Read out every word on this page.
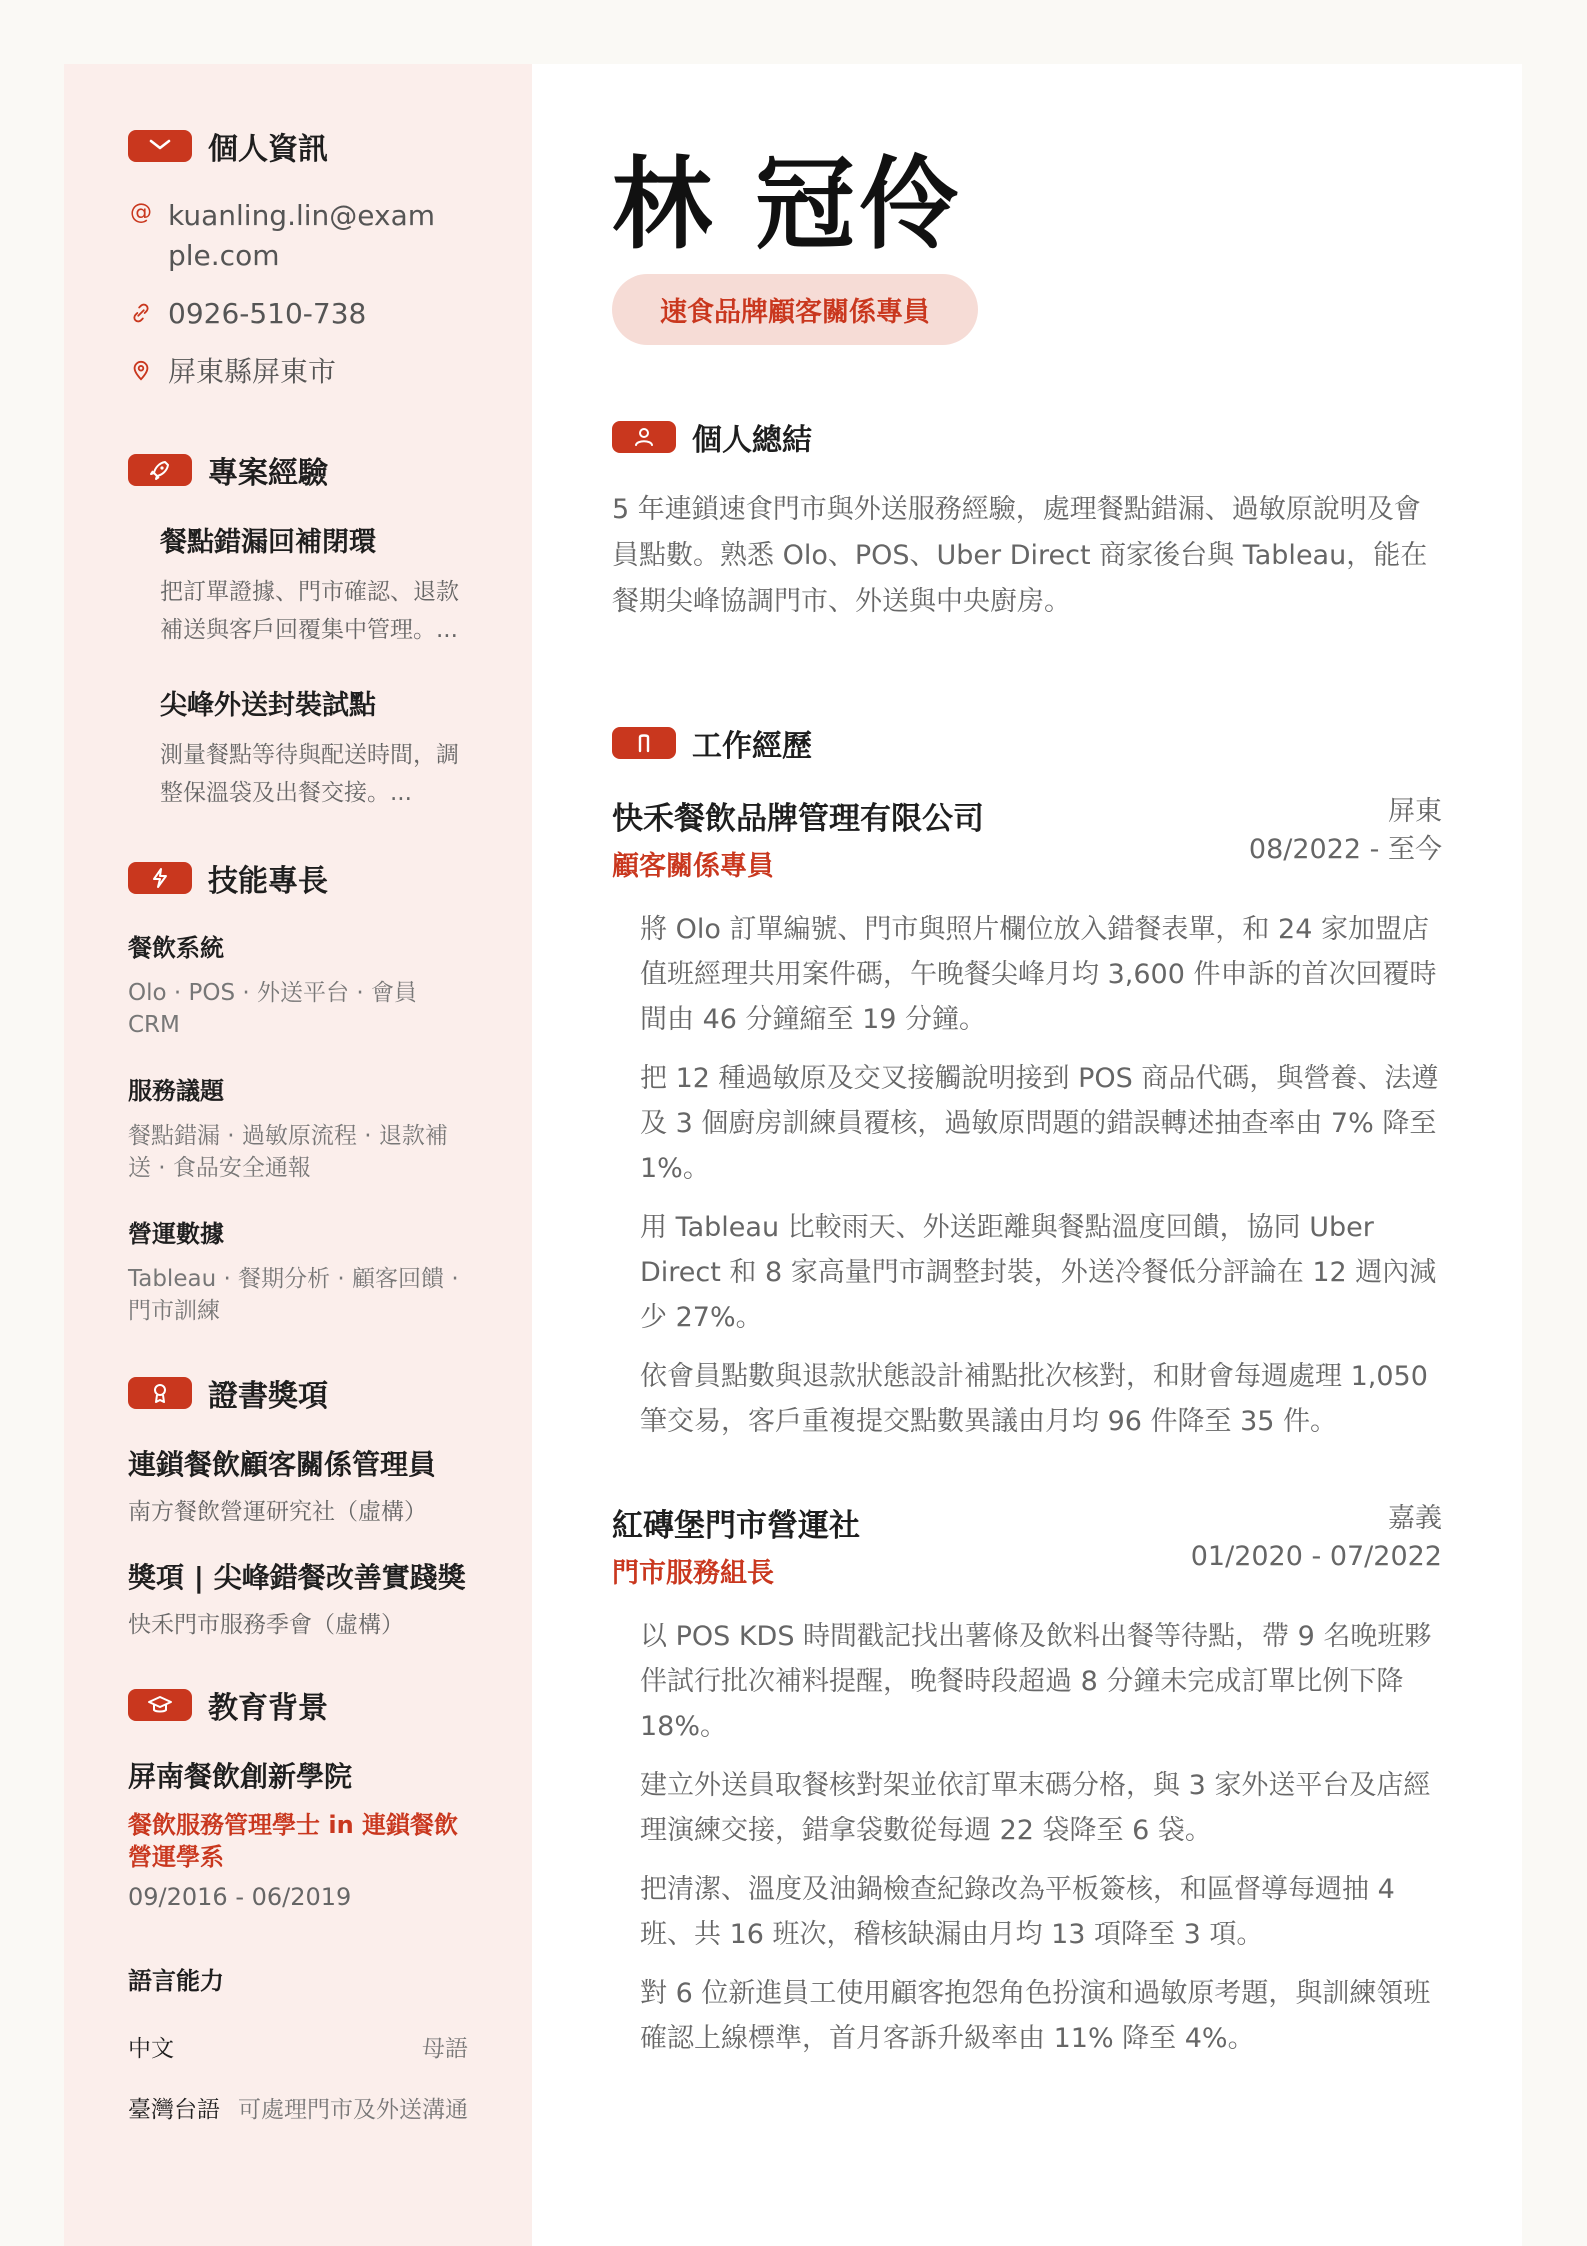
個人資訊
@ kuanling.lin@example.com
0926-510-738
屏東縣屏東市
專案經驗
餐點錯漏回補閉環
把訂單證據、門市確認、退款補送與客戶回覆集中管理。...
尖峰外送封裝試點
測量餐點等待與配送時間，調整保溫袋及出餐交接。...
技能專長
餐飲系統
Olo · POS · 外送平台 · 會員 CRM
服務議題
餐點錯漏 · 過敏原流程 · 退款補送 · 食品安全通報
營運數據
Tableau · 餐期分析 · 顧客回饋 · 門市訓練
證書獎項
連鎖餐飲顧客關係管理員
南方餐飲營運研究社（虛構）
獎項 | 尖峰錯餐改善實踐獎
快禾門市服務季會（虛構）
教育背景
屏南餐飲創新學院
餐飲服務管理學士 in 連鎖餐飲營運學系
09/2016 - 06/2019
語言能力
中文	母語
臺灣台語 可處理門市及外送溝通
林 冠伶
速食品牌顧客關係專員
個人總結
5 年連鎖速食門市與外送服務經驗，處理餐點錯漏、過敏原說明及會員點數。熟悉 Olo、POS、Uber Direct 商家後台與 Tableau，能在餐期尖峰協調門市、外送與中央廚房。
工作經歷
快禾餐飲品牌管理有限公司
顧客關係專員
屏東
08/2022 - 至今
將 Olo 訂單編號、門市與照片欄位放入錯餐表單，和 24 家加盟店值班經理共用案件碼，午晚餐尖峰月均 3,600 件申訴的首次回覆時間由 46 分鐘縮至 19 分鐘。
把 12 種過敏原及交叉接觸說明接到 POS 商品代碼，與營養、法遵及 3 個廚房訓練員覆核，過敏原問題的錯誤轉述抽查率由 7% 降至 1%。
用 Tableau 比較雨天、外送距離與餐點溫度回饋，協同 Uber Direct 和 8 家高量門市調整封裝，外送冷餐低分評論在 12 週內減少 27%。
依會員點數與退款狀態設計補點批次核對，和財會每週處理 1,050 筆交易，客戶重複提交點數異議由月均 96 件降至 35 件。
紅磚堡門市營運社
門市服務組長
嘉義
01/2020 - 07/2022
以 POS KDS 時間戳記找出薯條及飲料出餐等待點，帶 9 名晚班夥伴試行批次補料提醒，晚餐時段超過 8 分鐘未完成訂單比例下降 18%。
建立外送員取餐核對架並依訂單末碼分格，與 3 家外送平台及店經理演練交接，錯拿袋數從每週 22 袋降至 6 袋。
把清潔、溫度及油鍋檢查紀錄改為平板簽核，和區督導每週抽 4 班、共 16 班次，稽核缺漏由月均 13 項降至 3 項。
對 6 位新進員工使用顧客抱怨角色扮演和過敏原考題，與訓練領班確認上線標準，首月客訴升級率由 11% 降至 4%。
